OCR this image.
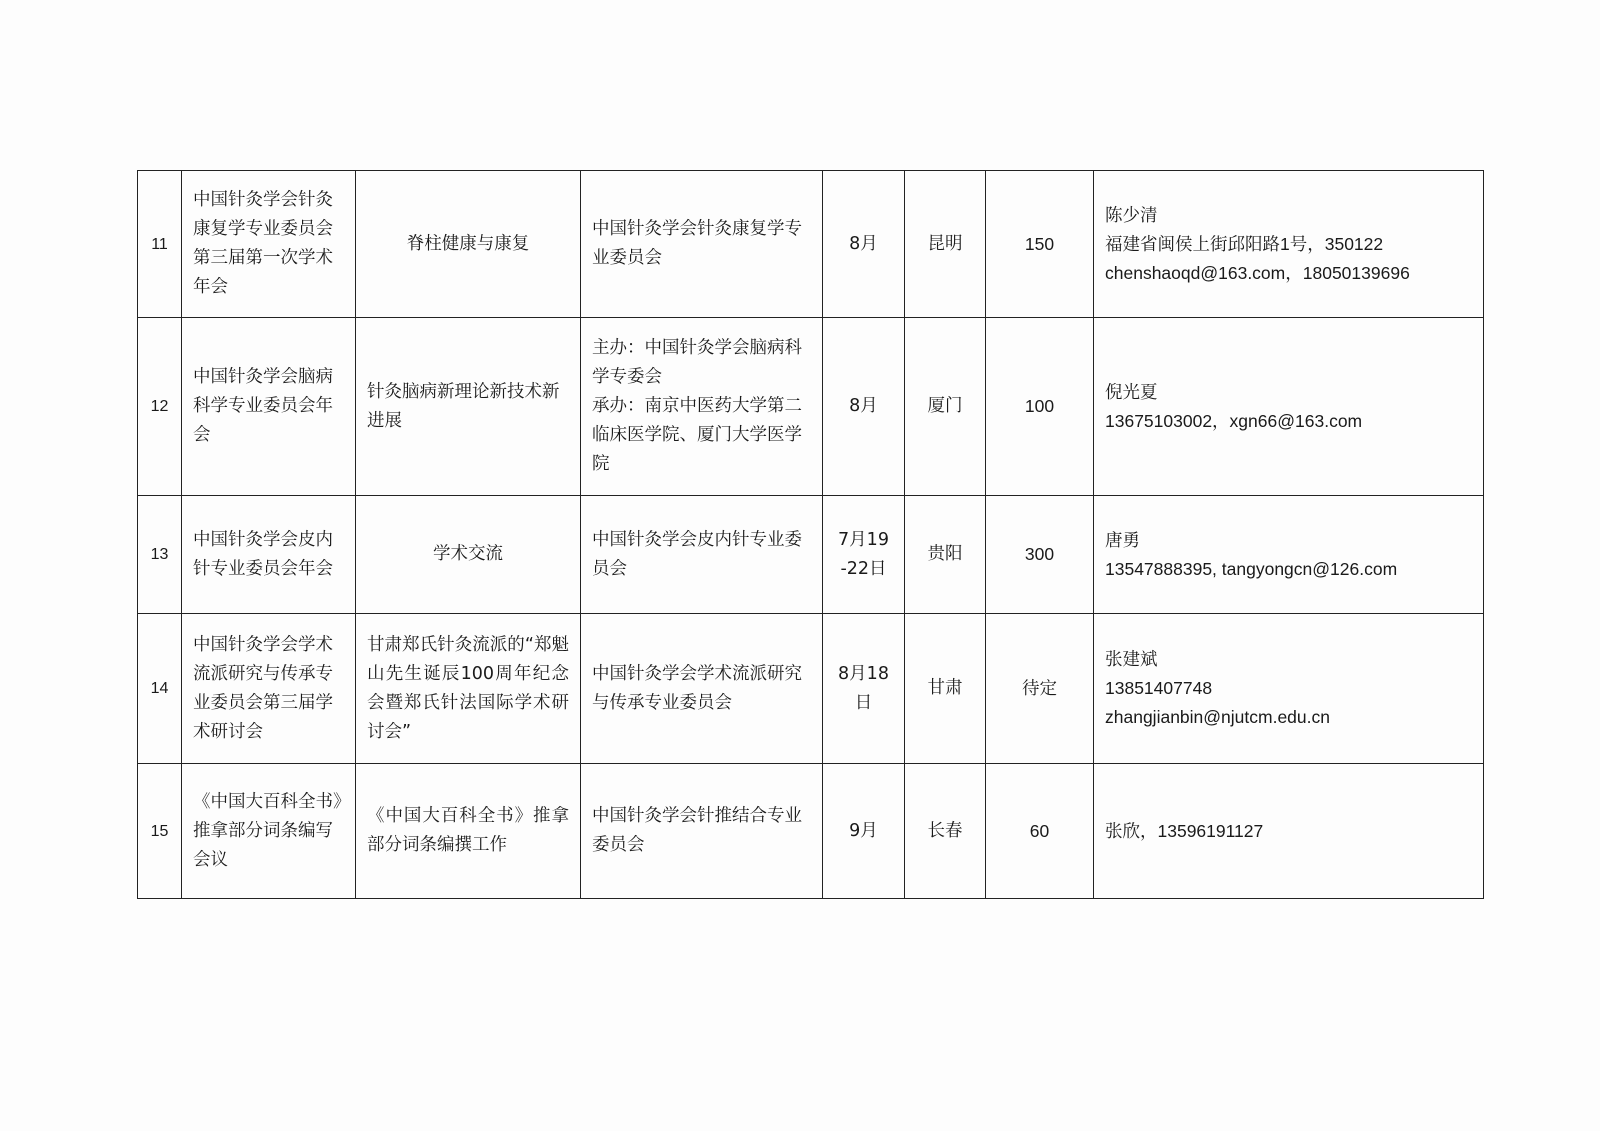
11	中国针灸学会针灸康复学专业委员会第三届第一次学术年会	脊柱健康与康复	中国针灸学会针灸康复学专业委员会	8月	昆明	150	陈少清
福建省闽侯上街邱阳路1号，350122
chenshaoqd@163.com，18050139696

12	中国针灸学会脑病科学专业委员会年会	针灸脑病新理论新技术新进展	主办：中国针灸学会脑病科学专委会
承办：南京中医药大学第二临床医学院、厦门大学医学院	8月	厦门	100	倪光夏
13675103002，xgn66@163.com

13	中国针灸学会皮内针专业委员会年会	学术交流	中国针灸学会皮内针专业委员会	7月19-22日	贵阳	300	唐勇
13547888395, tangyongcn@126.com

14	中国针灸学会学术流派研究与传承专业委员会第三届学术研讨会	甘肃郑氏针灸流派的“郑魁山先生诞辰100周年纪念会暨郑氏针法国际学术研讨会”	中国针灸学会学术流派研究与传承专业委员会	8月18日	甘肃	待定	张建斌
13851407748
zhangjianbin@njutcm.edu.cn

15	《中国大百科全书》推拿部分词条编写会议	《中国大百科全书》推拿部分词条编撰工作	中国针灸学会针推结合专业委员会	9月	长春	60	张欣，13596191127
